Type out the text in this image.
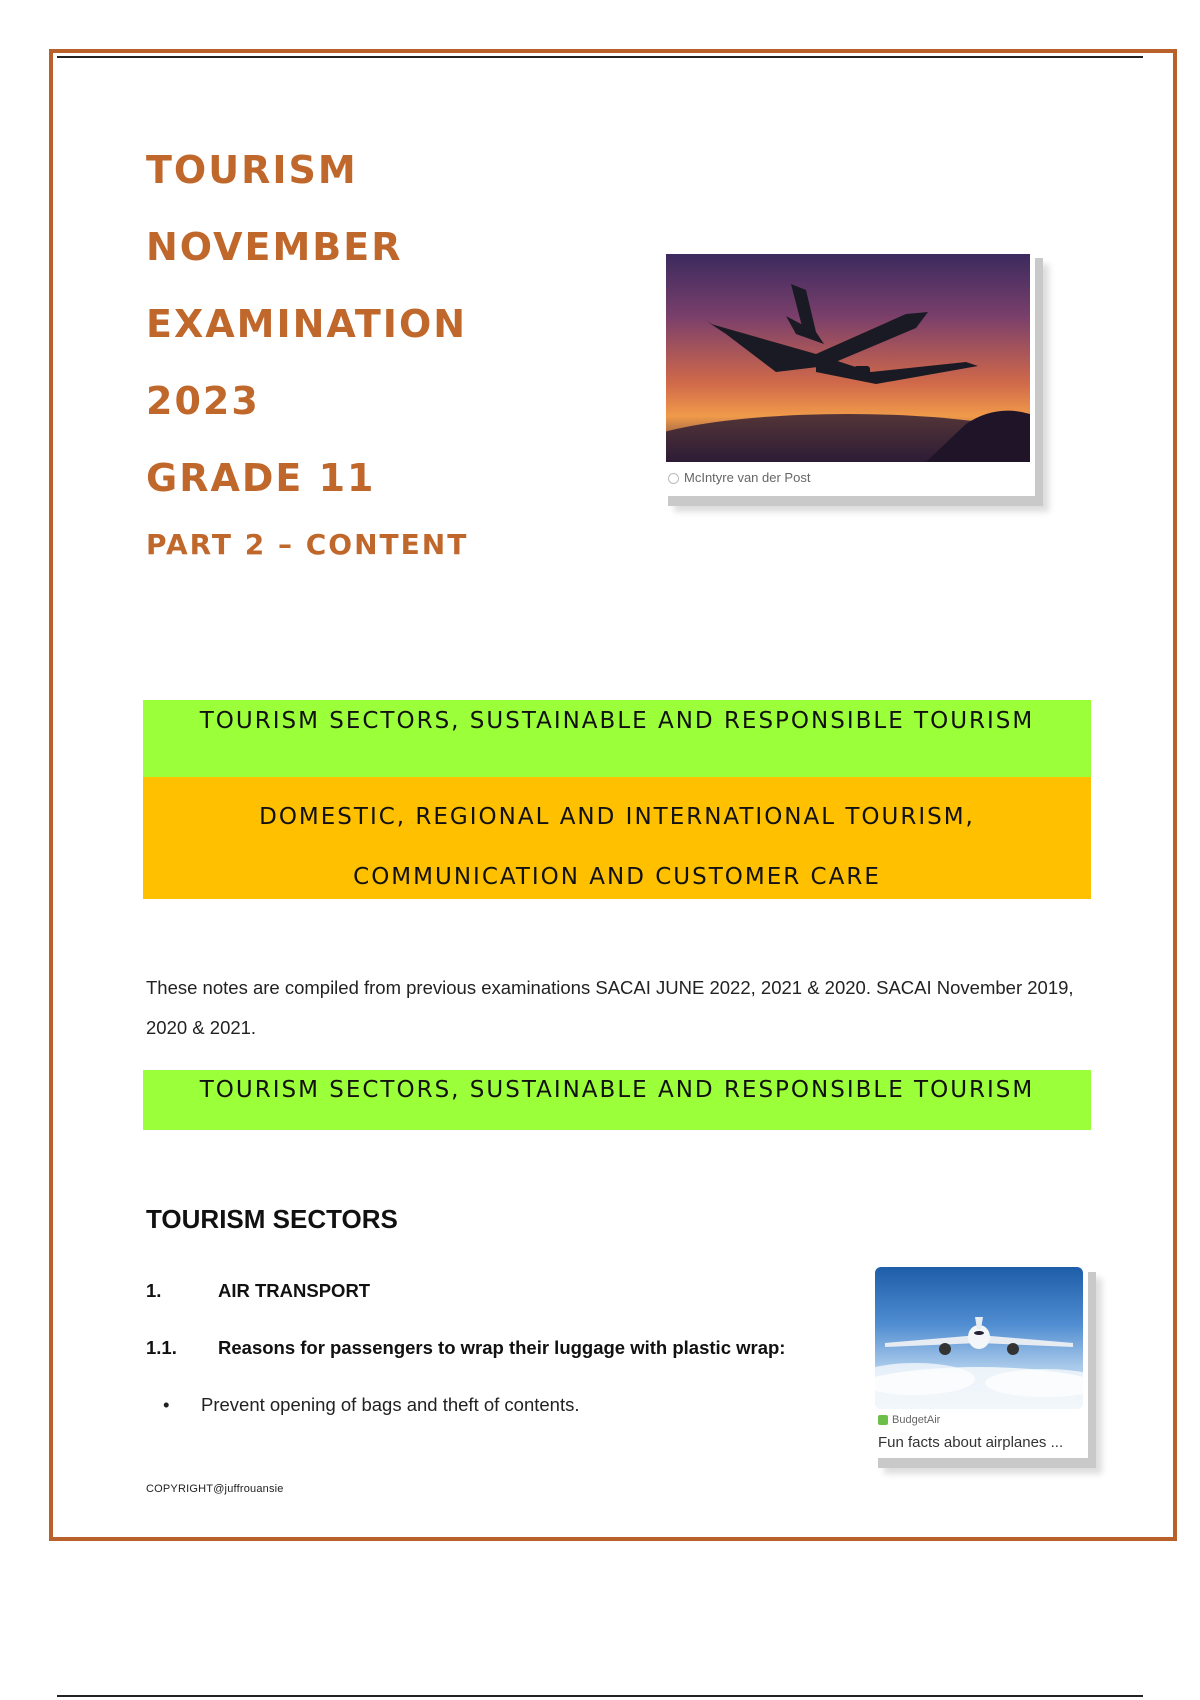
TOURISM
NOVEMBER
EXAMINATION
2023
GRADE 11
PART 2 – CONTENT
McIntyre van der Post
TOURISM SECTORS, SUSTAINABLE AND RESPONSIBLE TOURISM
DOMESTIC, REGIONAL AND INTERNATIONAL TOURISM,
COMMUNICATION AND CUSTOMER CARE
These notes are compiled from previous examinations SACAI JUNE 2022, 2021 & 2020. SACAI November 2019, 2020 & 2021.
TOURISM SECTORS, SUSTAINABLE AND RESPONSIBLE TOURISM
TOURISM SECTORS
1.	AIR TRANSPORT
1.1. Reasons for passengers to wrap their luggage with plastic wrap:
• Prevent opening of bags and theft of contents.
BudgetAir
Fun facts about airplanes ...
COPYRIGHT@juffrouansie
